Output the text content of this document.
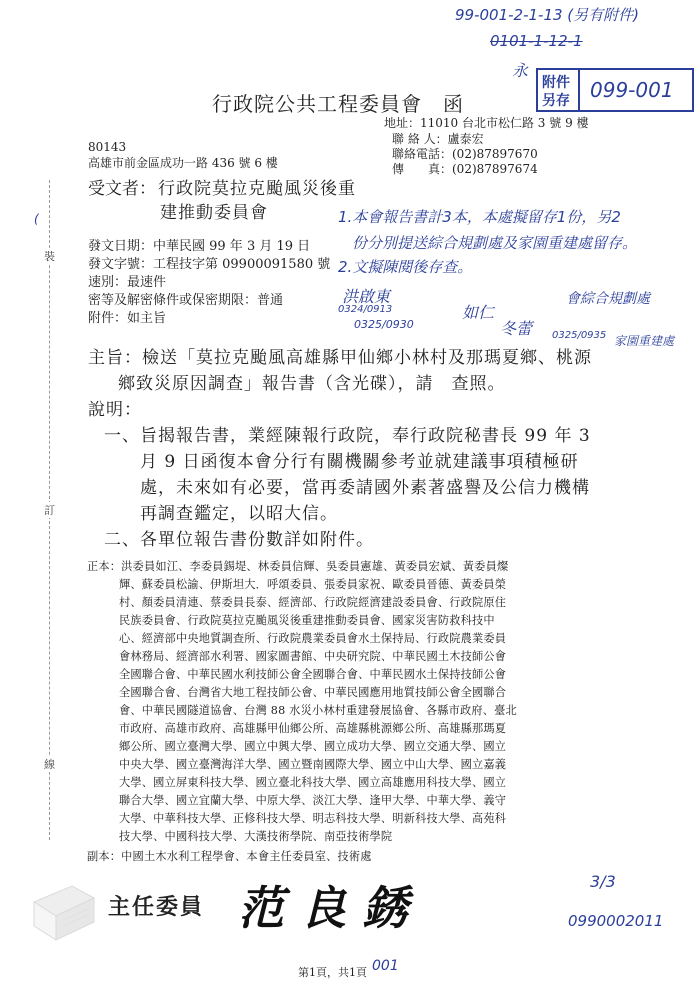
裝
訂
線
(
99-001-2-1-13 (另有附件)
0101-1-12-1
永
附件
另存 099-001
行政院公共工程委員會　函
地址：11010 台北市松仁路 3 號 9 樓
聯 絡 人：盧泰宏
聯絡電話：(02)87897670
傳　　真：(02)87897674
80143
高雄市前金區成功一路 436 號 6 樓
受文者： 行政院莫拉克颱風災後重
建推動委員會	1.本會報告書計3本，本處擬留存1份，另2
份分別提送綜合規劃處及家園重建處留存。
2.文擬陳閱後存查。
洪啟東
0324/0913
會綜合規劃處
如仁
冬蕾 0325/0935 家園重建處
0325/0930
發文日期：中華民國 99 年 3 月 19 日
發文字號：工程技字第 09900091580 號
速別：最速件
密等及解密條件或保密期限：普通
附件：如主旨
主旨：檢送「莫拉克颱風高雄縣甲仙鄉小林村及那瑪夏鄉、桃源
鄉致災原因調查」報告書（含光碟），請　查照。
說明：
一、旨揭報告書，業經陳報行政院，奉行政院秘書長 99 年 3
月 9 日函復本會分行有關機關參考並就建議事項積極研
處，未來如有必要，當再委請國外素著盛譽及公信力機構
再調查鑑定，以昭大信。
二、各單位報告書份數詳如附件。
正本：洪委員如江、李委員錫堤、林委員信輝、吳委員憲雄、黃委員宏斌、黃委員燦
輝、蘇委員松諭、伊斯坦大．呼頌委員、張委員家祝、歐委員晉德、黃委員榮
村、顏委員清連、蔡委員長泰、經濟部、行政院經濟建設委員會、行政院原住
民族委員會、行政院莫拉克颱風災後重建推動委員會、國家災害防救科技中
心、經濟部中央地質調查所、行政院農業委員會水土保持局、行政院農業委員
會林務局、經濟部水利署、國家圖書館、中央研究院、中華民國土木技師公會
全國聯合會、中華民國水利技師公會全國聯合會、中華民國水土保持技師公會
全國聯合會、台灣省大地工程技師公會、中華民國應用地質技師公會全國聯合
會、中華民國隧道協會、台灣 88 水災小林村重建發展協會、各縣市政府、臺北
市政府、高雄市政府、高雄縣甲仙鄉公所、高雄縣桃源鄉公所、高雄縣那瑪夏
鄉公所、國立臺灣大學、國立中興大學、國立成功大學、國立交通大學、國立
中央大學、國立臺灣海洋大學、國立暨南國際大學、國立中山大學、國立嘉義
大學、國立屏東科技大學、國立臺北科技大學、國立高雄應用科技大學、國立
聯合大學、國立宜蘭大學、中原大學、淡江大學、逢甲大學、中華大學、義守
大學、中華科技大學、正修科技大學、明志科技大學、明新科技大學、高苑科
技大學、中國科技大學、大漢技術學院、南亞技術學院
副本：中國土木水利工程學會、本會主任委員室、技術處
主任委員 范良銹	3/3
0990002011
第1頁，共1頁 001
